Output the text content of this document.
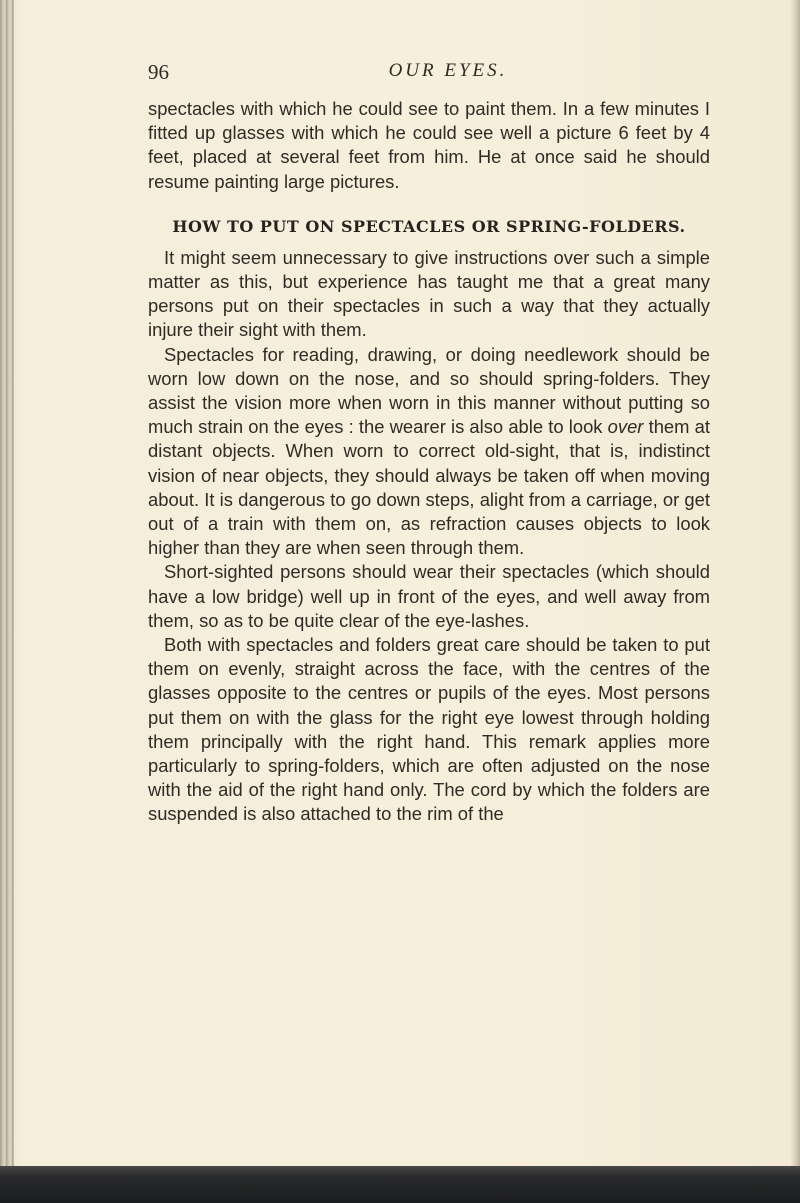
96	OUR EYES.

spectacles with which he could see to paint them. In a few minutes I fitted up glasses with which he could see well a picture 6 feet by 4 feet, placed at several feet from him. He at once said he should resume painting large pictures.

HOW TO PUT ON SPECTACLES OR SPRING-FOLDERS.

It might seem unnecessary to give instructions over such a simple matter as this, but experience has taught me that a great many persons put on their spectacles in such a way that they actually injure their sight with them.

Spectacles for reading, drawing, or doing needlework should be worn low down on the nose, and so should spring-folders. They assist the vision more when worn in this manner without putting so much strain on the eyes : the wearer is also able to look over them at distant objects. When worn to correct old-sight, that is, indistinct vision of near objects, they should always be taken off when moving about. It is dangerous to go down steps, alight from a carriage, or get out of a train with them on, as refraction causes objects to look higher than they are when seen through them.

Short-sighted persons should wear their spectacles (which should have a low bridge) well up in front of the eyes, and well away from them, so as to be quite clear of the eye-lashes.

Both with spectacles and folders great care should be taken to put them on evenly, straight across the face, with the centres of the glasses opposite to the centres or pupils of the eyes. Most persons put them on with the glass for the right eye lowest through holding them principally with the right hand. This remark applies more particularly to spring-folders, which are often adjusted on the nose with the aid of the right hand only. The cord by which the folders are suspended is also attached to the rim of the
